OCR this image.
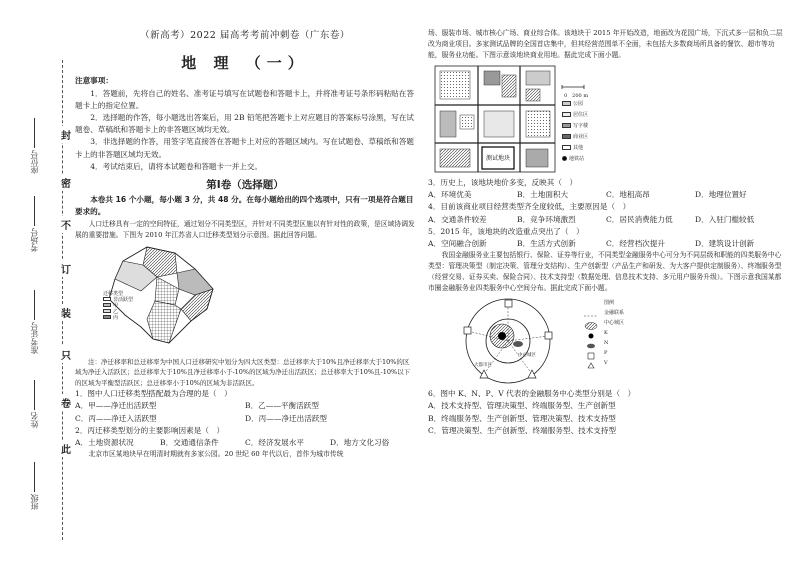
座位号
考场号
准考证号
姓名
班级
封
密
不
订
装
只
卷
此
（新高考）2022 届高考考前冲刺卷（广东卷）
地 理 （一）
注意事项：
1．答题前，先将自己的姓名、准考证号填写在试题卷和答题卡上，并将准考证号条形码粘贴在答题卡上的指定位置。
2．选择题的作答，每小题选出答案后，用 2B 铅笔把答题卡上对应题目的答案标号涂黑，写在试题卷、草稿纸和答题卡上的非答题区域均无效。
3．非选择题的作答，用签字笔直接答在答题卡上对应的答题区域内。写在试题卷、草稿纸和答题卡上的非答题区域均无效。
4．考试结束后，请将本试题卷和答题卡一并上交。
第Ⅰ卷（选择题）
本卷共 16 个小题，每小题 3 分，共 48 分。在每小题给出的四个选项中，只有一项是符合题目要求的。
人口迁移具有一定的空间特征，通过划分不同类型区，并针对不同类型区施以有针对性的政策，是区域协调发展的重要措施。下图为 2010 年江苏省人口迁移类型划分示意图。据此回答问题。
迁移类型
非活跃型
甲
乙
丙
注：净迁移率和总迁移率为中国人口迁移研究中划分为四大区类型：总迁移率大于10%且净迁移率大于10%的区域为净迁入活跃区；总迁移率大于10%且净迁移率小于-10%的区域为净迁出活跃区；总迁移率大于10%且-10%以下的区域为平衡型活跃区；总迁移率小于10%的区域为非活跃区。
1．图中人口迁移类型搭配最为合理的是（　）
A．甲——净迁出活跃型	B．乙——平衡活跃型
C．丙——净迁入活跃型	D．丙——净迁出活跃型
2．丙迁移类型划分的主要影响因素是（　）
A．土地资源状况	B．交通通信条件	C．经济发展水平	D．地方文化习俗
北京市区某地块早在明清时期就有多家公园。20 世纪 60 年代以后，首作为城市传统
场、服装市场、城市核心广场、商业综合体。该地块于 2015 年开始改造，地面改为花园广场，下沉式多一层和负二层改为商业项目。多家测试品牌的全国首店集中，但其经营范围单不全面，未包括大多数商场所具备的餐饮、超市等功能，服务业功能。下图示意该地块商业用地。据此完成下面小题。
测试地块
0　200 m
公园
居住区
写字楼
商业区
其他
地铁站
3．历史上，该地块地价多变，反映其（　）
A．环境优美	B．土地面积大	C．地租高昂	D．地理位置好
4．目前该商业项目经营类型齐全度较低，主要原因是（　）
A．交通条件较差	B．竞争环境激烈	C．居民消费能力低	D．入驻门槛较低
5．2015 年，该地块的改造重点突出了（　）
A．空间融合创新	B．生活方式创新	C．经营档次提升	D．建筑设计创新
我国金融服务业主要包括银行、保险、证券等行业，不同类型金融服务中心可分为不同层级和职能的四类服务中心类型：管理决策型（制定决策、管理分支结构）、生产创新型（产品生产和研发、为大客户提供定制服务）、终端服务型（经营交易、证券买卖、保险合同）、技术支持型（数据处理、信息技术支持、多元用户服务升级）。下图示意我国某都市圈金融服务业四类服务中心空间分布。据此完成下面小题。
中心城区
大都市区
图例
金融联系
中心城区
K
N
P
V
6．图中 K、N、P、V 代表的金融服务中心类型分别是（　）
A．技术支持型、管理决策型、终端服务型、生产创新型
B．终端服务型、生产创新型、管理决策型、技术支持型
C．管理决策型、生产创新型、终端服务型、技术支持型
